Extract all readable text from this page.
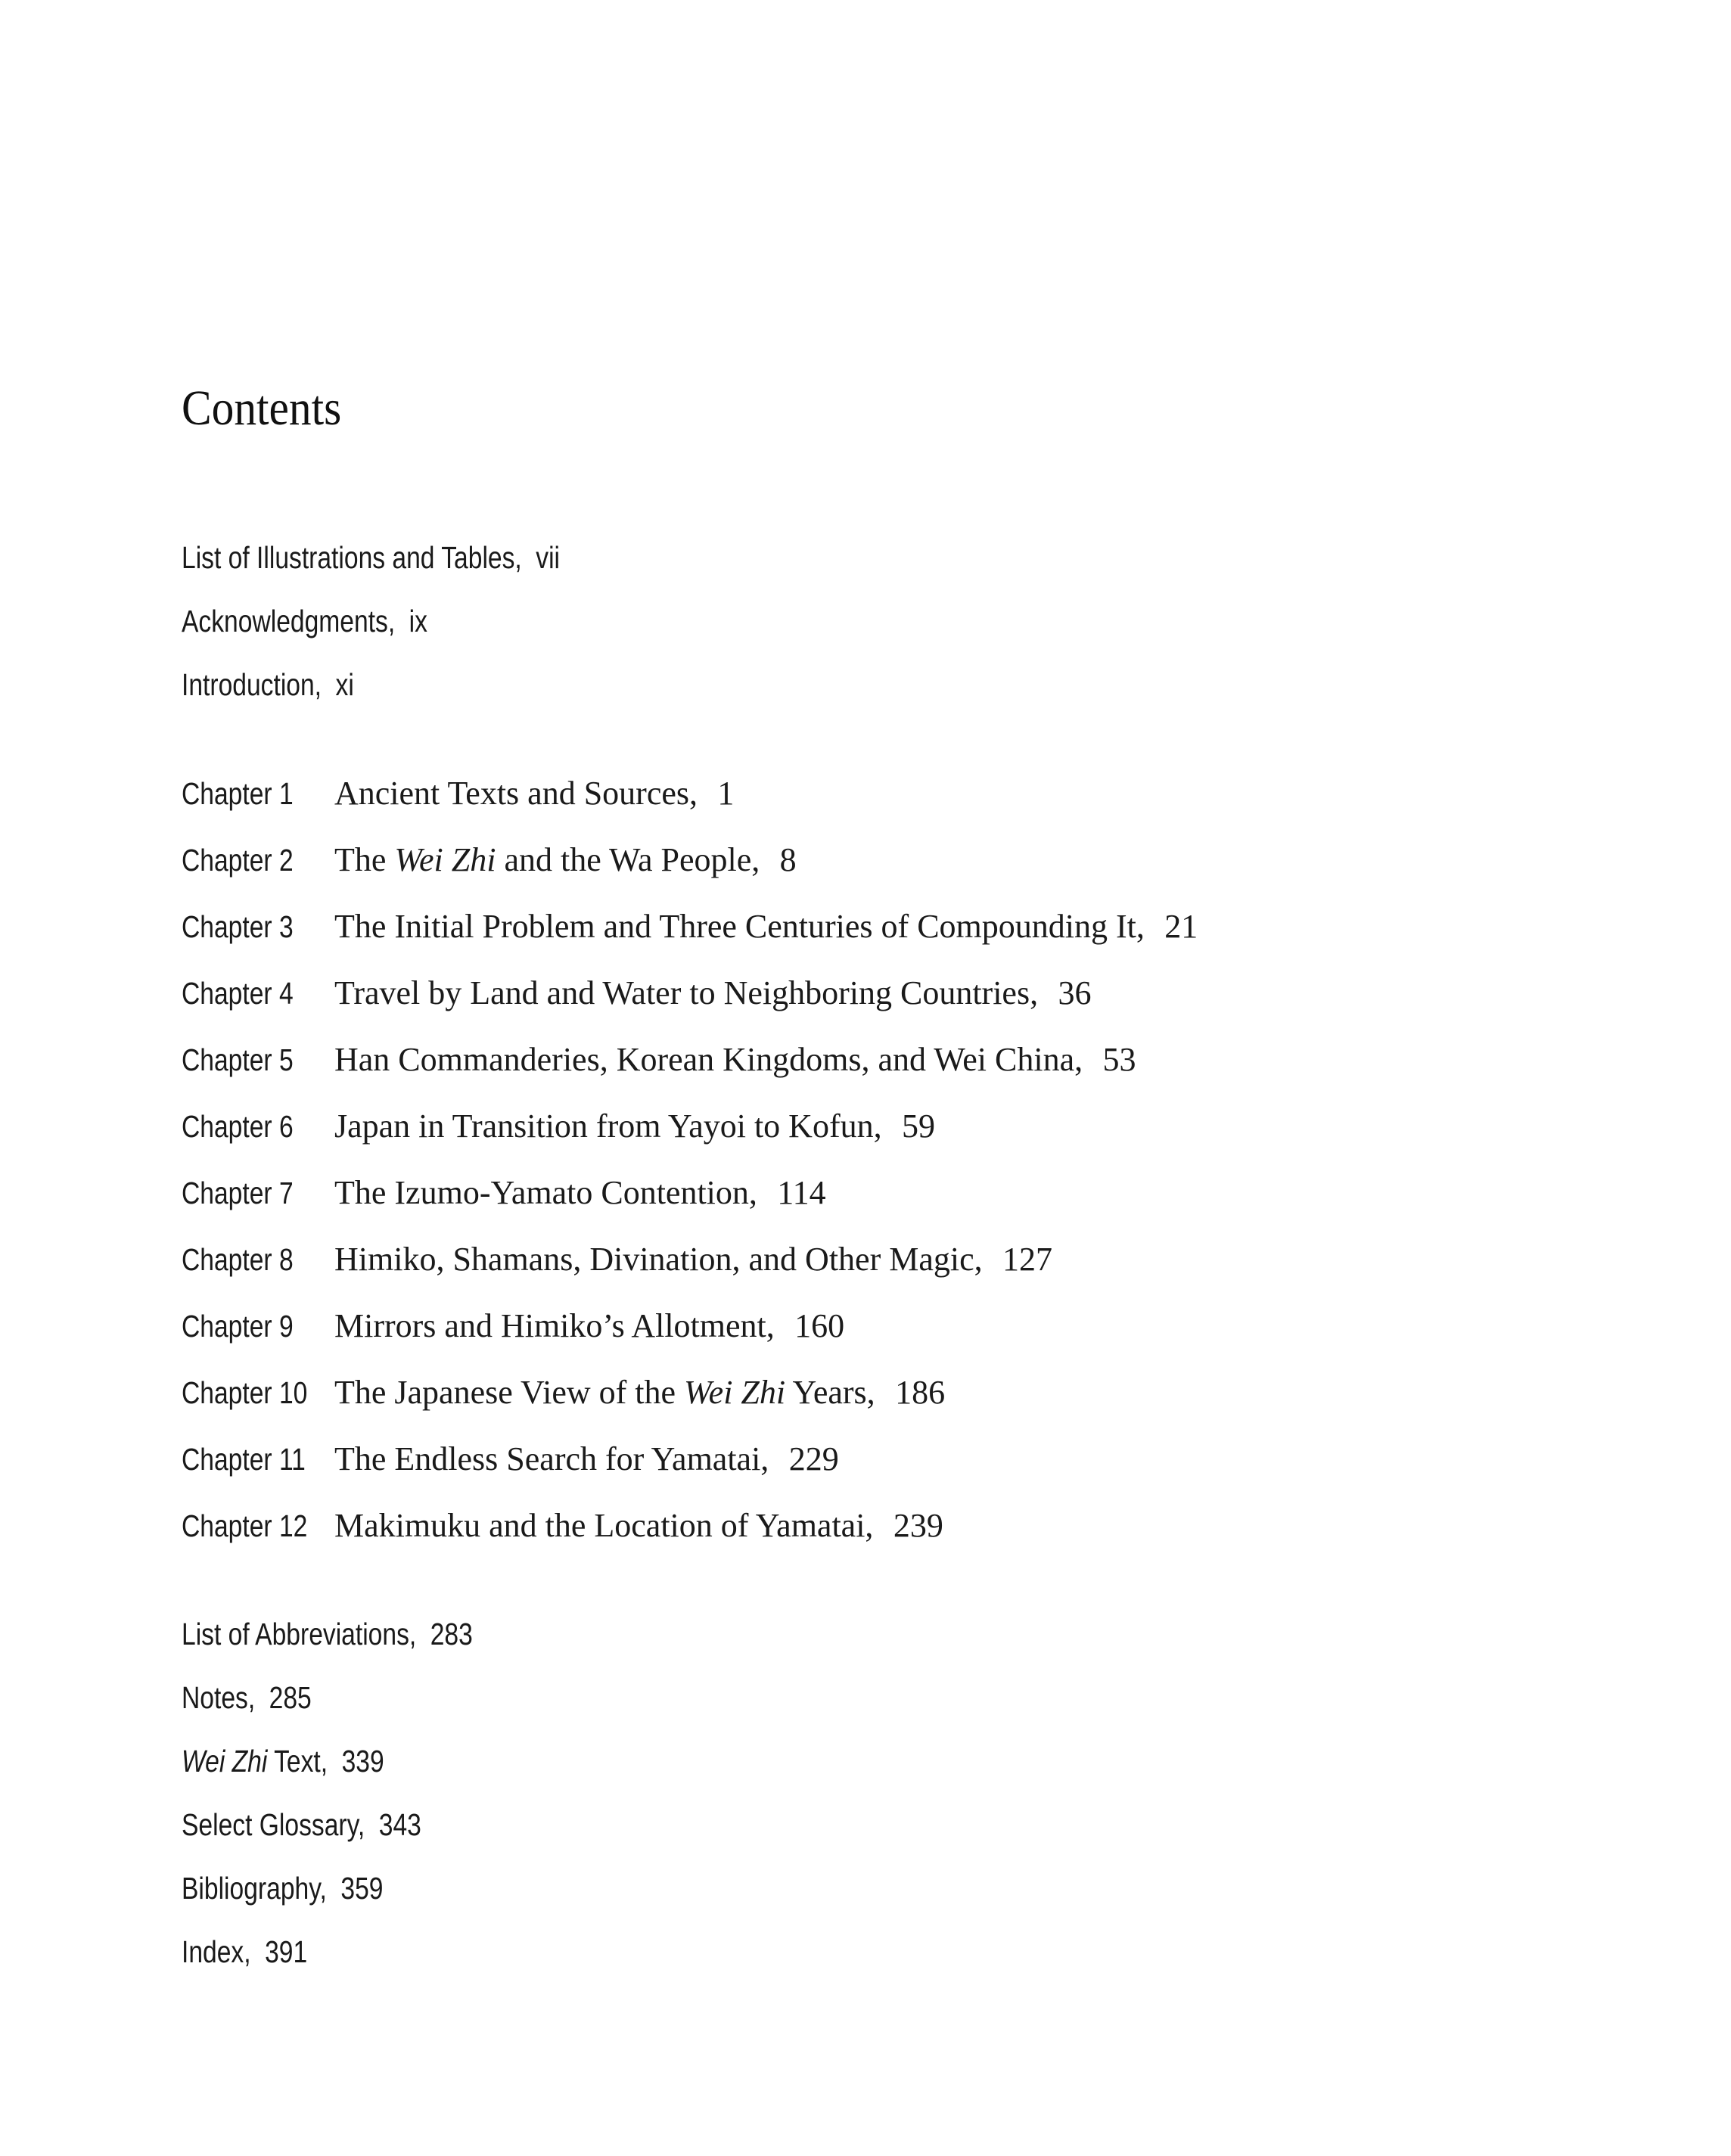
Contents
List of Illustrations and Tables, vii
Acknowledgments, ix
Introduction, xi
Chapter 1 Ancient Texts and Sources, 1
Chapter 2 The Wei Zhi and the Wa People, 8
Chapter 3 The Initial Problem and Three Centuries of Compounding It, 21
Chapter 4 Travel by Land and Water to Neighboring Countries, 36
Chapter 5 Han Commanderies, Korean Kingdoms, and Wei China, 53
Chapter 6 Japan in Transition from Yayoi to Kofun, 59
Chapter 7 The Izumo-Yamato Contention, 114
Chapter 8 Himiko, Shamans, Divination, and Other Magic, 127
Chapter 9 Mirrors and Himiko’s Allotment, 160
Chapter 10 The Japanese View of the Wei Zhi Years, 186
Chapter 11 The Endless Search for Yamatai, 229
Chapter 12 Makimuku and the Location of Yamatai, 239
List of Abbreviations, 283
Notes, 285
Wei Zhi Text, 339
Select Glossary, 343
Bibliography, 359
Index, 391
